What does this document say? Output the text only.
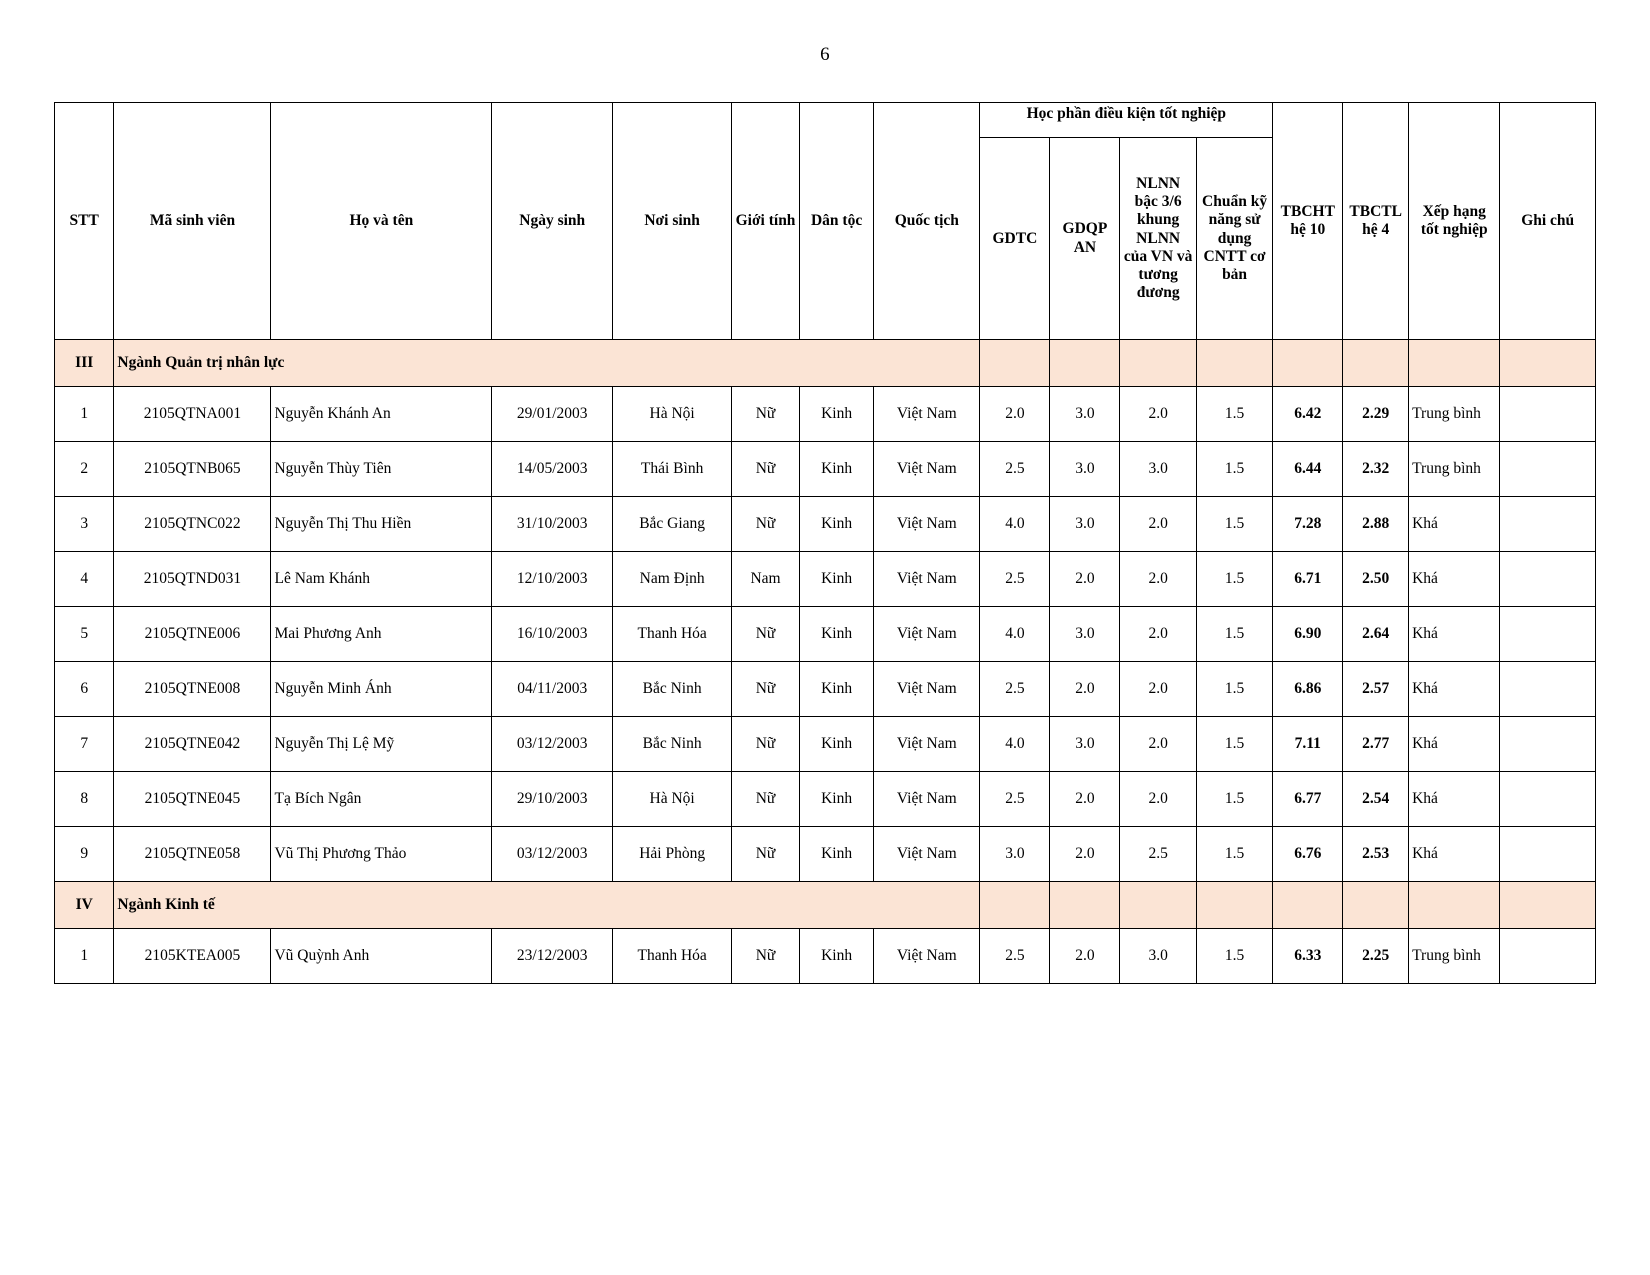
6
STT	Mã sinh viên	Họ và tên	Ngày sinh	Nơi sinh	Giới tính	Dân tộc	Quốc tịch	Học phần điều kiện tốt nghiệp				TBCHT hệ 10	TBCTL hệ 4	Xếp hạng tốt nghiệp	Ghi chú
								GDTC	GDQP AN	NLNN bậc 3/6 khung NLNN của VN và tương đương	Chuẩn kỹ năng sử dụng CNTT cơ bản				
III	Ngành Quản trị nhân lực														
1	2105QTNA001	Nguyễn Khánh An	29/01/2003	Hà Nội	Nữ	Kinh	Việt Nam	2.0	3.0	2.0	1.5	6.42	2.29	Trung bình	
2	2105QTNB065	Nguyễn Thùy Tiên	14/05/2003	Thái Bình	Nữ	Kinh	Việt Nam	2.5	3.0	3.0	1.5	6.44	2.32	Trung bình	
3	2105QTNC022	Nguyễn Thị Thu Hiền	31/10/2003	Bắc Giang	Nữ	Kinh	Việt Nam	4.0	3.0	2.0	1.5	7.28	2.88	Khá	
4	2105QTND031	Lê Nam Khánh	12/10/2003	Nam Định	Nam	Kinh	Việt Nam	2.5	2.0	2.0	1.5	6.71	2.50	Khá	
5	2105QTNE006	Mai Phương Anh	16/10/2003	Thanh Hóa	Nữ	Kinh	Việt Nam	4.0	3.0	2.0	1.5	6.90	2.64	Khá	
6	2105QTNE008	Nguyễn Minh Ánh	04/11/2003	Bắc Ninh	Nữ	Kinh	Việt Nam	2.5	2.0	2.0	1.5	6.86	2.57	Khá	
7	2105QTNE042	Nguyễn Thị Lệ Mỹ	03/12/2003	Bắc Ninh	Nữ	Kinh	Việt Nam	4.0	3.0	2.0	1.5	7.11	2.77	Khá	
8	2105QTNE045	Tạ Bích Ngân	29/10/2003	Hà Nội	Nữ	Kinh	Việt Nam	2.5	2.0	2.0	1.5	6.77	2.54	Khá	
9	2105QTNE058	Vũ Thị Phương Thảo	03/12/2003	Hải Phòng	Nữ	Kinh	Việt Nam	3.0	2.0	2.5	1.5	6.76	2.53	Khá	
IV	Ngành Kinh tế														
1	2105KTEA005	Vũ Quỳnh Anh	23/12/2003	Thanh Hóa	Nữ	Kinh	Việt Nam	2.5	2.0	3.0	1.5	6.33	2.25	Trung bình	
